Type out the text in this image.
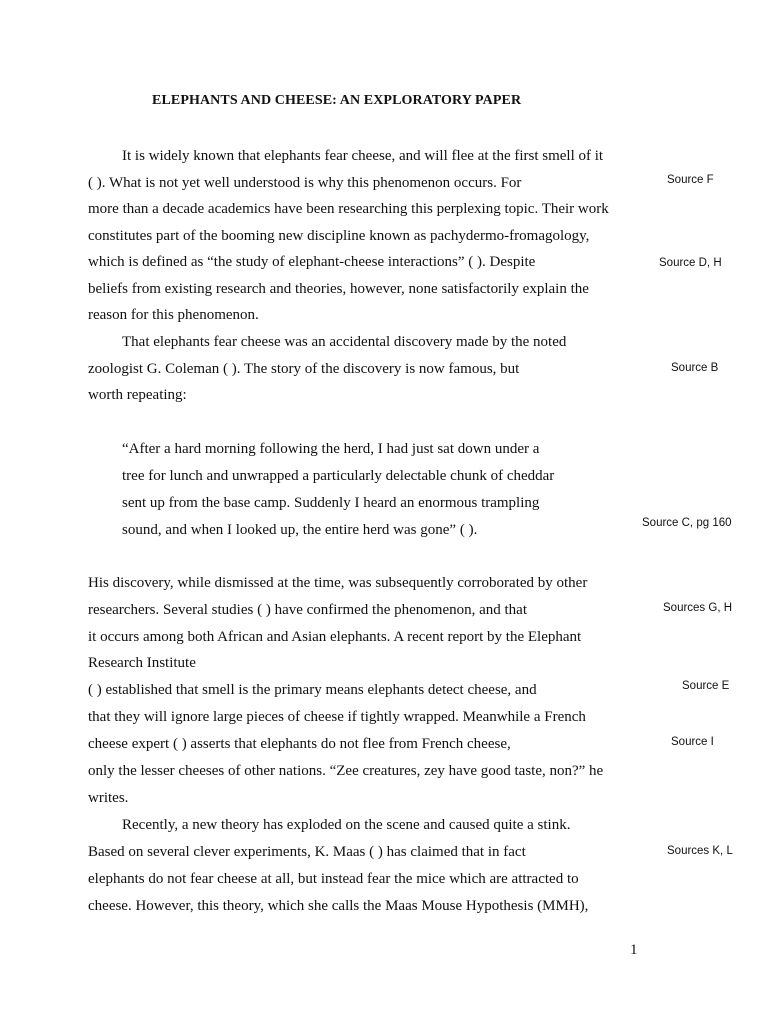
ELEPHANTS AND CHEESE: AN EXPLORATORY PAPER
It is widely known that elephants fear cheese, and will flee at the first smell of it
( ). What is not yet well understood is why this phenomenon occurs. For
more than a decade academics have been researching this perplexing topic. Their work
constitutes part of the booming new discipline known as pachydermo-fromagology,
which is defined as “the study of elephant-cheese interactions” ( ). Despite
beliefs from existing research and theories, however, none satisfactorily explain the
reason for this phenomenon.
That elephants fear cheese was an accidental discovery made by the noted
zoologist G. Coleman ( ). The story of the discovery is now famous, but
worth repeating:
“After a hard morning following the herd, I had just sat down under a
tree for lunch and unwrapped a particularly delectable chunk of cheddar
sent up from the base camp. Suddenly I heard an enormous trampling
sound, and when I looked up, the entire herd was gone” ( ).
His discovery, while dismissed at the time, was subsequently corroborated by other
researchers. Several studies ( ) have confirmed the phenomenon, and that
it occurs among both African and Asian elephants. A recent report by the Elephant
Research Institute
( ) established that smell is the primary means elephants detect cheese, and
that they will ignore large pieces of cheese if tightly wrapped. Meanwhile a French
cheese expert ( ) asserts that elephants do not flee from French cheese,
only the lesser cheeses of other nations. “Zee creatures, zey have good taste, non?” he
writes.
Recently, a new theory has exploded on the scene and caused quite a stink.
Based on several clever experiments, K. Maas ( ) has claimed that in fact
elephants do not fear cheese at all, but instead fear the mice which are attracted to
cheese. However, this theory, which she calls the Maas Mouse Hypothesis (MMH),
Source F
Source D, H
Source B
Source C, pg 160
Sources G, H
Source E
Source I
Sources K, L
1
